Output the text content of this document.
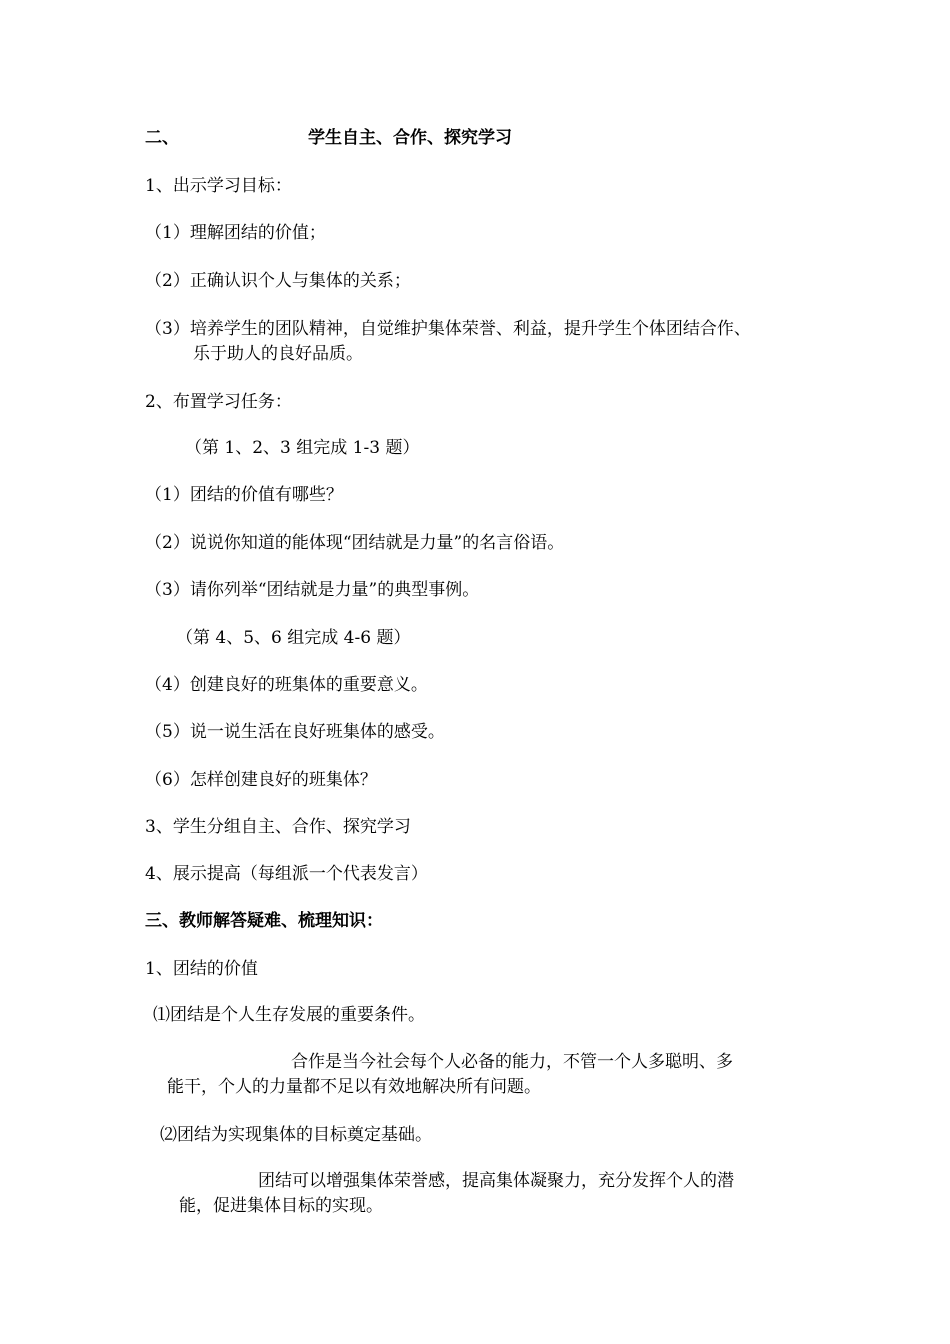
二、	学生自主、合作、探究学习
1、出示学习目标：
（1）理解团结的价值；
（2）正确认识个人与集体的关系；
（3）培养学生的团队精神，自觉维护集体荣誉、利益，提升学生个体团结合作、
乐于助人的良好品质。
2、布置学习任务：
（第 1、2、3 组完成 1-3 题）
（1）团结的价值有哪些？
（2）说说你知道的能体现“团结就是力量”的名言俗语。
（3）请你列举“团结就是力量”的典型事例。
（第 4、5、6 组完成 4-6 题）
（4）创建良好的班集体的重要意义。
（5）说一说生活在良好班集体的感受。
（6）怎样创建良好的班集体？
3、学生分组自主、合作、探究学习
4、展示提高（每组派一个代表发言）
三、教师解答疑难、梳理知识：
1、团结的价值
⑴团结是个人生存发展的重要条件。
合作是当今社会每个人必备的能力，不管一个人多聪明、多
能干，个人的力量都不足以有效地解决所有问题。
⑵团结为实现集体的目标奠定基础。
团结可以增强集体荣誉感，提高集体凝聚力，充分发挥个人的潜
能，促进集体目标的实现。
